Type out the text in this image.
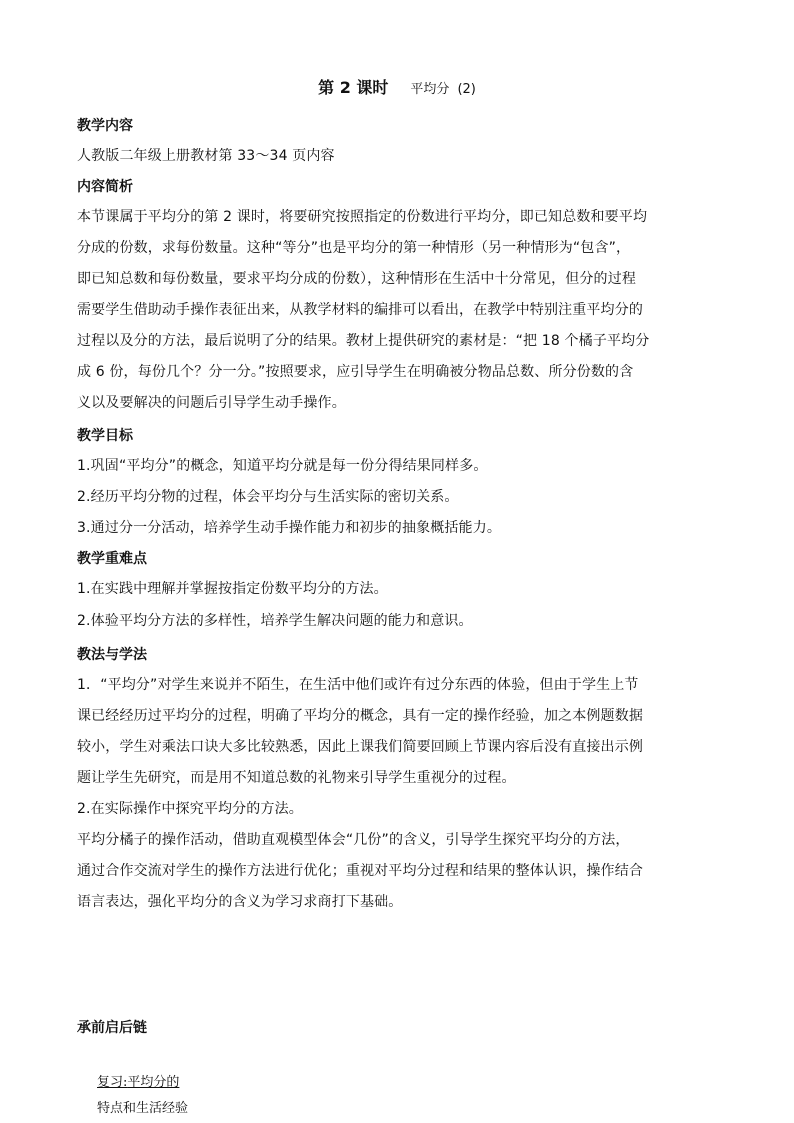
第 2 课时 平均分 (2)
教学内容
人教版二年级上册教材第 33～34 页内容
内容简析
本节课属于平均分的第 2 课时，将要研究按照指定的份数进行平均分，即已知总数和要平均
分成的份数，求每份数量。这种“等分”也是平均分的第一种情形（另一种情形为“包含”，
即已知总数和每份数量，要求平均分成的份数），这种情形在生活中十分常见，但分的过程
需要学生借助动手操作表征出来，从教学材料的编排可以看出，在教学中特别注重平均分的
过程以及分的方法，最后说明了分的结果。教材上提供研究的素材是：“把 18 个橘子平均分
成 6 份，每份几个？分一分。”按照要求，应引导学生在明确被分物品总数、所分份数的含
义以及要解决的问题后引导学生动手操作。
教学目标
1.巩固“平均分”的概念，知道平均分就是每一份分得结果同样多。
2.经历平均分物的过程，体会平均分与生活实际的密切关系。
3.通过分一分活动，培养学生动手操作能力和初步的抽象概括能力。
教学重难点
1.在实践中理解并掌握按指定份数平均分的方法。
2.体验平均分方法的多样性，培养学生解决问题的能力和意识。
教法与学法
1．“平均分”对学生来说并不陌生，在生活中他们或许有过分东西的体验，但由于学生上节
课已经经历过平均分的过程，明确了平均分的概念，具有一定的操作经验，加之本例题数据
较小，学生对乘法口诀大多比较熟悉，因此上课我们简要回顾上节课内容后没有直接出示例
题让学生先研究，而是用不知道总数的礼物来引导学生重视分的过程。
2.在实际操作中探究平均分的方法。
平均分橘子的操作活动，借助直观模型体会“几份”的含义，引导学生探究平均分的方法，
通过合作交流对学生的操作方法进行优化；重视对平均分过程和结果的整体认识，操作结合
语言表达，强化平均分的含义为学习求商打下基础。
承前启后链
复习:平均分的
特点和生活经验
